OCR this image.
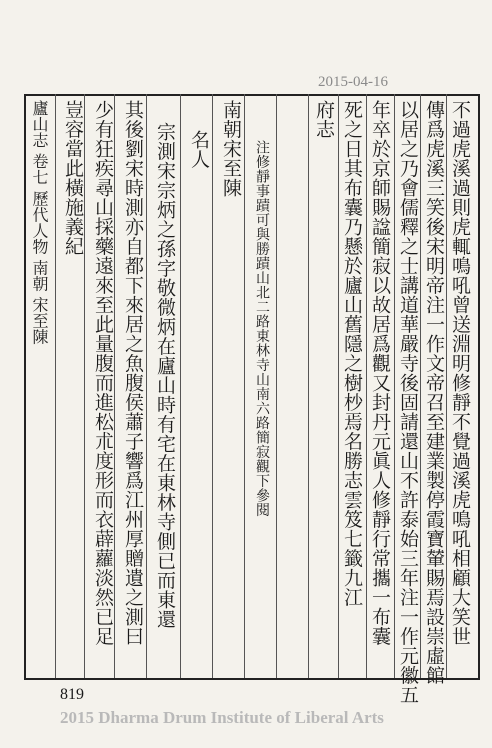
2015-04-16
不過虎溪過則虎輒鳴吼曾送淵明修靜不覺過溪虎鳴吼相顧大笑世
傳爲虎溪三笑後宋明帝注一作文帝召至建業製停霞寶輦賜焉設崇虛館
以居之乃會儒釋之士講道華嚴寺後固請還山不許泰始三年注一作元徽五
年卒於京師賜諡簡寂以故居爲觀又封丹元眞人修靜行常攜一布囊
死之日其布囊乃懸於廬山舊隱之樹杪焉名勝志雲笈七籤九江
府志
注修靜事蹟可與勝蹟山北二路東林寺山南六路簡寂觀下參閱
南朝宋至陳
名人
宗測宋宗炳之孫字敬微炳在廬山時有宅在東林寺側已而東還
其後劉宋時測亦自都下來居之魚腹侯蕭子響爲江州厚贈遺之測曰
少有狂疾尋山採藥遠來至此量腹而進松朮度形而衣薜蘿淡然已足
豈容當此橫施義紀
廬山志 卷七 歷代人物 南朝 宋至陳
819
2015 Dharma Drum Institute of Liberal Arts
